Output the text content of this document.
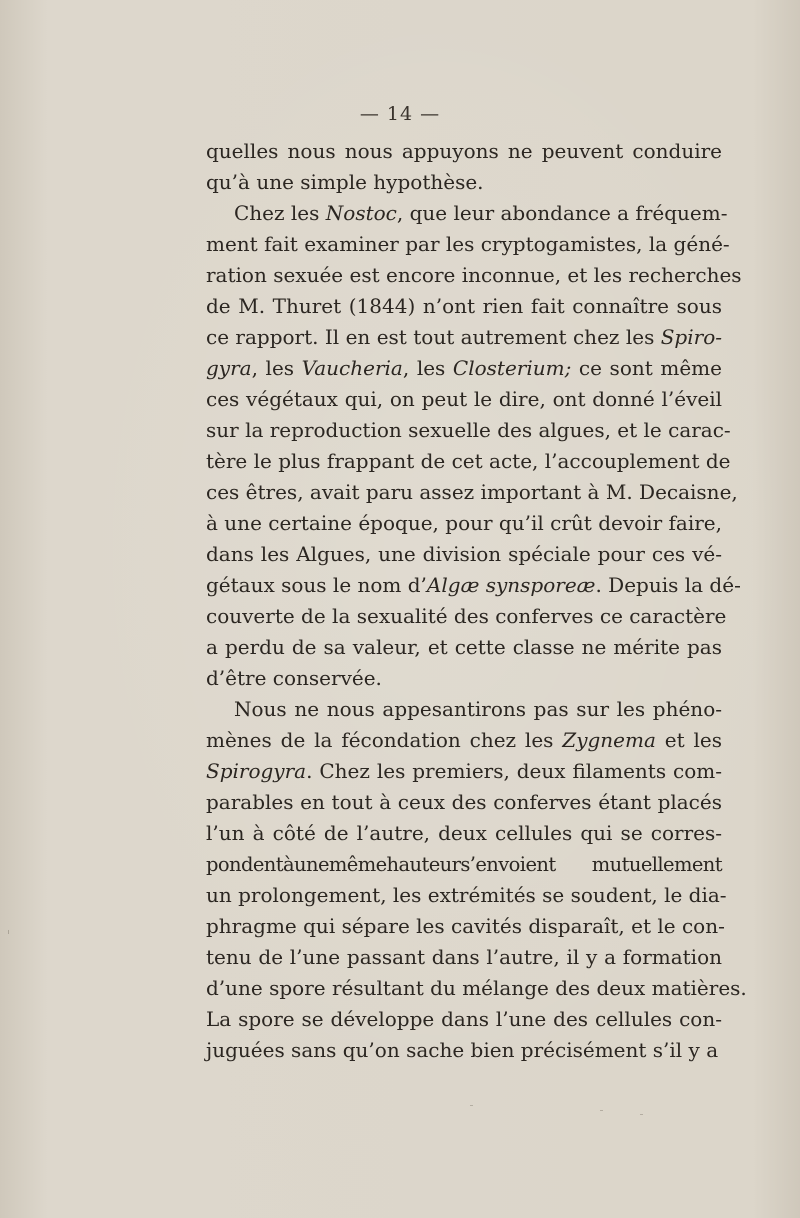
— 14 —
quelles nous nous appuyons ne peuvent conduire
qu’à une simple hypothèse.
Chez les Nostoc, que leur abondance a fréquem-
ment fait examiner par les cryptogamistes, la géné-
ration sexuée est encore inconnue, et les recherches
de M. Thuret (1844) n’ont rien fait connaître sous
ce rapport. Il en est tout autrement chez les Spiro-
gyra, les Vaucheria, les Closterium; ce sont même
ces végétaux qui, on peut le dire, ont donné l’éveil
sur la reproduction sexuelle des algues, et le carac-
tère le plus frappant de cet acte, l’accouplement de
ces êtres, avait paru assez important à M. Decaisne,
à une certaine époque, pour qu’il crût devoir faire,
dans les Algues, une division spéciale pour ces vé-
gétaux sous le nom d’Algæ synsporeæ. Depuis la dé-
couverte de la sexualité des conferves ce caractère
a perdu de sa valeur, et cette classe ne mérite pas
d’être conservée.
Nous ne nous appesantirons pas sur les phéno-
mènes de la fécondation chez les Zygnema et les
Spirogyra. Chez les premiers, deux filaments com-
parables en tout à ceux des conferves étant placés
l’un à côté de l’autre, deux cellules qui se corres-
pondentàunemêmehauteurs’envoient mutuellement
un prolongement, les extrémités se soudent, le dia-
phragme qui sépare les cavités disparaît, et le con-
tenu de l’une passant dans l’autre, il y a formation
d’une spore résultant du mélange des deux matières.
La spore se développe dans l’une des cellules con-
juguées sans qu’on sache bien précisément s’il y a
